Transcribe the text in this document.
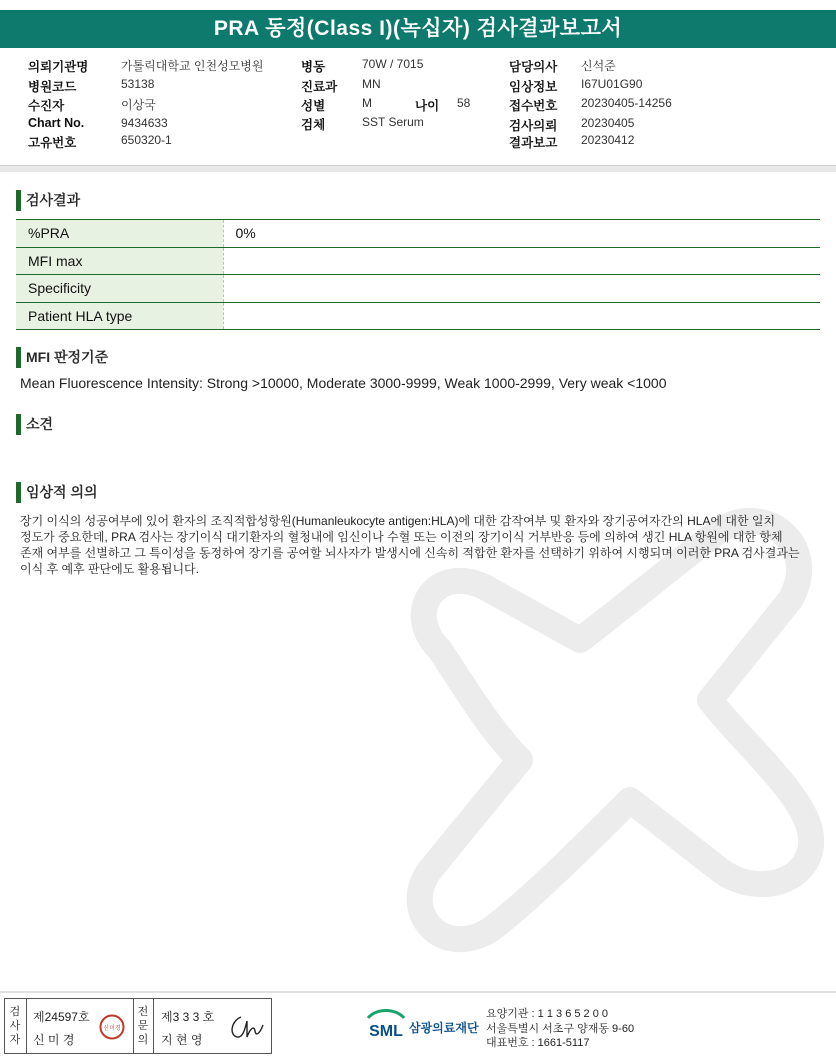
PRA 동정(Class I)(녹십자) 검사결과보고서
의뢰기관명	가톨릭대학교 인천성모병원
병원코드	53138
수진자	이상국
Chart No.	9434633
고유번호	650320-1
병동	70W / 7015
진료과 MN
성별	M	나이 58
검체	SST Serum
담당의사 신석준
임상정보 I67U01G90
접수번호 20230405-14256
검사의뢰 20230405
결과보고 20230412
검사결과
%PRA	0%
MFI max	
Specificity	
Patient HLA type	
MFI 판정기준
Mean Fluorescence Intensity: Strong >10000, Moderate 3000-9999, Weak 1000-2999, Very weak <1000
소견
임상적 의의
장기 이식의 성공여부에 있어 환자의 조직적합성항원(Humanleukocyte antigen:HLA)에 대한 감작여부 및 환자와 장기공여자간의 HLA에 대한 일치
정도가 중요한데, PRA 검사는 장기이식 대기환자의 혈청내에 임신이나 수혈 또는 이전의 장기이식 거부반응 등에 의하여 생긴 HLA 항원에 대한 항체
존재 여부를 선별하고 그 특이성을 동정하여 장기를 공여할 뇌사자가 발생시에 신속히 적합한 환자를 선택하기 위하여 시행되며 이러한 PRA 검사결과는
이식 후 예후 판단에도 활용됩니다.
검
사
자
제24597호
신 미 경
신미경
전
문
의
제3 3 3 호
지 현 영	SML 삼광의료재단
요양기관 : 1 1 3 6 5 2 0 0
서울특별시 서초구 양재동 9-60
대표번호 : 1661-5117
